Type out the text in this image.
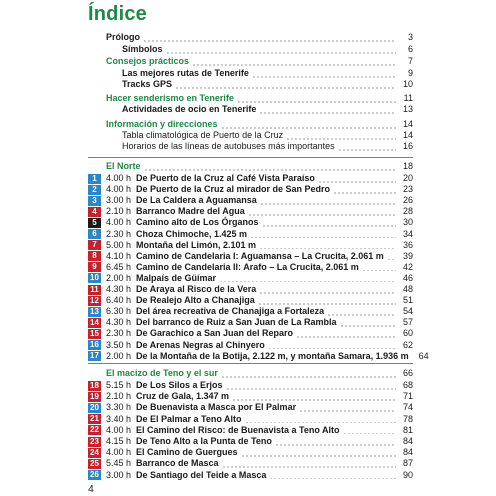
Índice
Prólogo	3
Símbolos	6
Consejos prácticos	7
Las mejores rutas de Tenerife	9
Tracks GPS	10
Hacer senderismo en Tenerife	11
Actividades de ocio en Tenerife	13
Información y direcciones	14
Tabla climatológica de Puerto de la Cruz	14
Horarios de las líneas de autobuses más importantes	16
El Norte	18
1	4.00 h De Puerto de la Cruz al Café Vista Paraíso	20
2	4.00 h De Puerto de la Cruz al mirador de San Pedro	23
3	3.00 h De La Caldera a Aguamansa	26
4	2.10 h Barranco Madre del Agua	28
5	4.00 h Camino alto de Los Órganos	30
6	2.30 h Choza Chimoche, 1.425 m	34
7	5.00 h Montaña del Limón, 2.101 m	36
8	4.10 h Camino de Candelaria I: Aguamansa – La Crucita, 2.061 m	39
9	6.45 h Camino de Candelaria II: Arafo – La Crucita, 2.061 m	42
10 2.00 h Malpaís de Güímar	46
11 4.30 h De Araya al Risco de la Vera	48
12 6.40 h De Realejo Alto a Chanajiga	51
13 6.30 h Del área recreativa de Chanajiga a Fortaleza	54
14 4.30 h Del barranco de Ruiz a San Juan de La Rambla	57
15 2.30 h De Garachico a San Juan del Reparo	60
16 3.50 h De Arenas Negras al Chinyero	62
17 2.00 h De la Montaña de la Botija, 2.122 m, y montaña Samara, 1.936 m	64
El macizo de Teno y el sur	66
18 5.15 h De Los Silos a Erjos	68
19 2.10 h Cruz de Gala, 1.347 m	71
20 3.30 h De Buenavista a Masca por El Palmar	74
21 3.40 h De El Palmar a Teno Alto	78
22 4.00 h El Camino del Risco: de Buenavista a Teno Alto	81
23 4.15 h De Teno Alto a la Punta de Teno	84
24 4.00 h El Camino de Guergues	84
25 5.45 h Barranco de Masca	87
26 3.00 h De Santiago del Teide a Masca	90
4
